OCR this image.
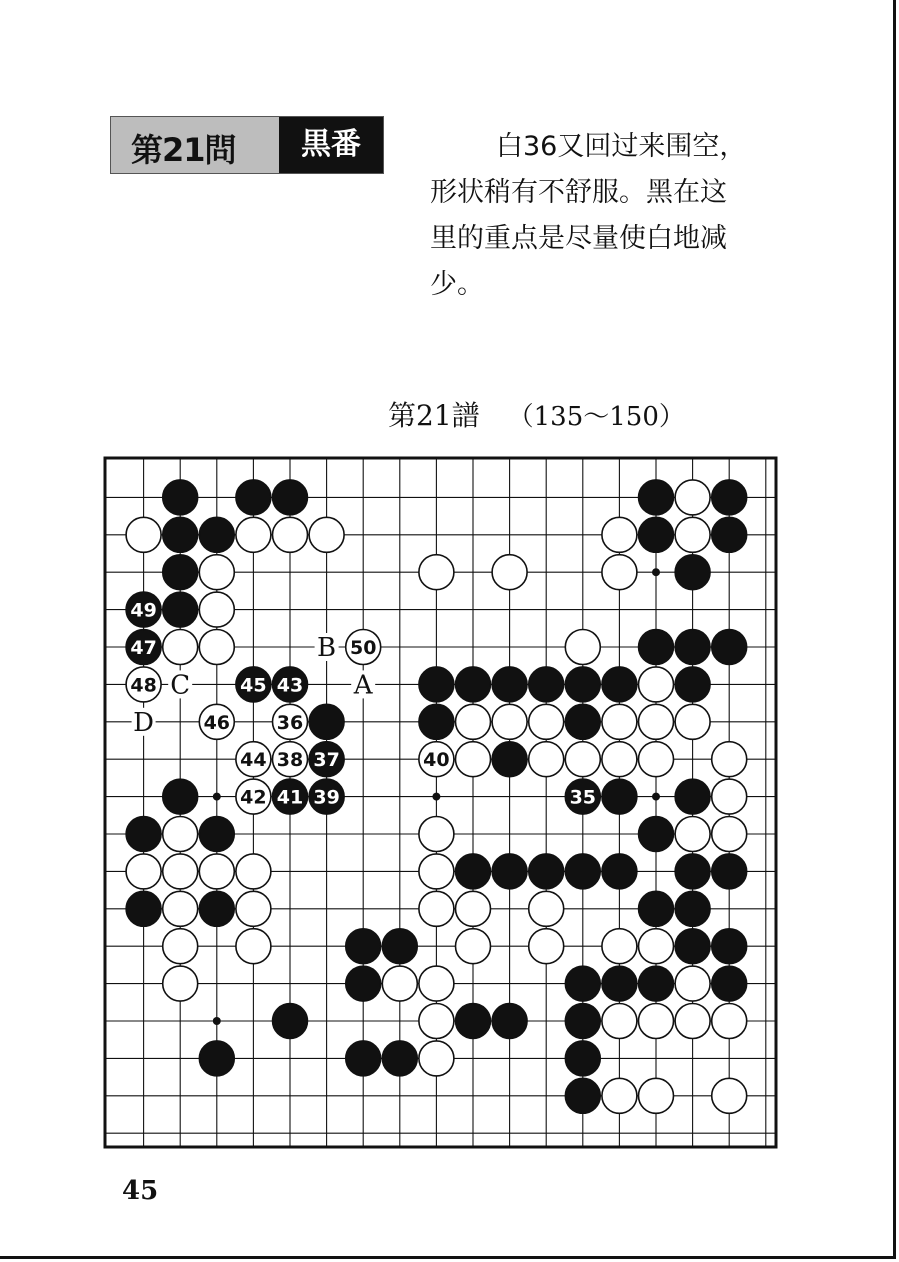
第21問	黒番	白36又回过来围空，

形状稍有不舒服。黑在这

里的重点是尽量使白地减

少。

第21譜 （135～150）
35
36
37
38
39
40
41
42
43
44
45
46
47
48
49
50
A
B
C
D
45
